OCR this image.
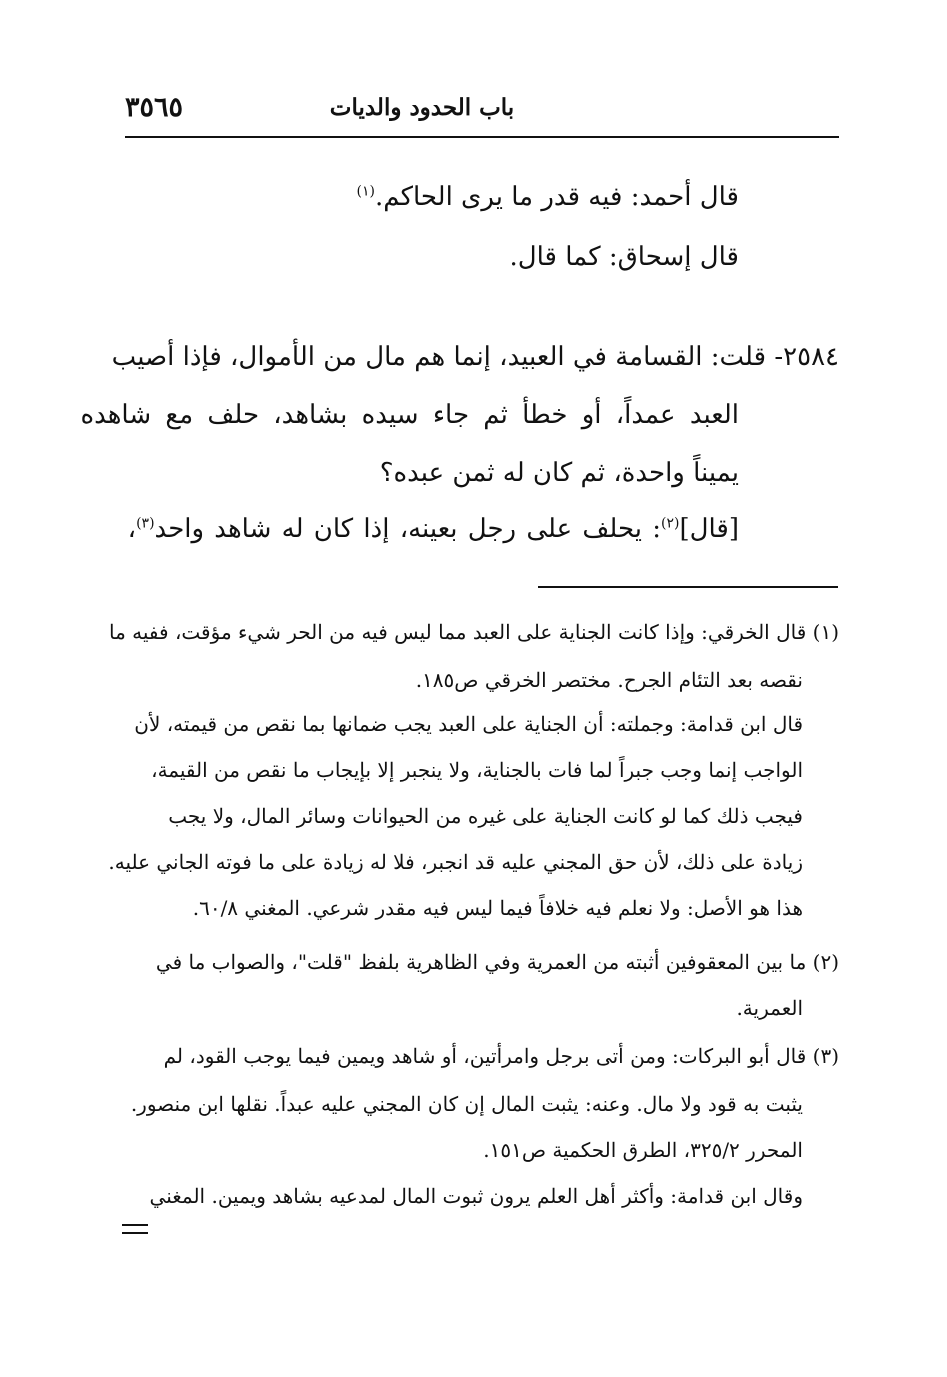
باب الحدود والديات
٣٥٦٥
قال أحمد: فيه قدر ما يرى الحاكم.$^{(١)}$
قال إسحاق: كما قال.
٢٥٨٤- قلت: القسامة في العبيد، إنما هم مال من الأموال، فإذا أصيب
العبد عمداً، أو خطأ ثم جاء سيده بشاهد، حلف مع شاهده
يميناً واحدة، ثم كان له ثمن عبده؟
[قال]$^{(٢)}$: يحلف على رجل بعينه، إذا كان له شاهد واحد$^{(٣)}$،
(١) قال الخرقي: وإذا كانت الجناية على العبد مما ليس فيه من الحر شيء مؤقت، ففيه ما
نقصه بعد التئام الجرح. مختصر الخرقي ص١٨٥.
قال ابن قدامة: وجملته: أن الجناية على العبد يجب ضمانها بما نقص من قيمته، لأن
الواجب إنما وجب جبراً لما فات بالجناية، ولا ينجبر إلا بإيجاب ما نقص من القيمة،
فيجب ذلك كما لو كانت الجناية على غيره من الحيوانات وسائر المال، ولا يجب
زيادة على ذلك، لأن حق المجني عليه قد انجبر، فلا له زيادة على ما فوته الجاني عليه.
هذا هو الأصل: ولا نعلم فيه خلافاً فيما ليس فيه مقدر شرعي. المغني ٦٠/٨.
(٢) ما بين المعقوفين أثبته من العمرية وفي الظاهرية بلفظ "قلت"، والصواب ما في
العمرية.
(٣) قال أبو البركات: ومن أتى برجل وامرأتين، أو شاهد ويمين فيما يوجب القود، لم
يثبت به قود ولا مال. وعنه: يثبت المال إن كان المجني عليه عبداً. نقلها ابن منصور.
المحرر ٣٢٥/٢، الطرق الحكمية ص١٥١.
وقال ابن قدامة: وأكثر أهل العلم يرون ثبوت المال لمدعيه بشاهد ويمين. المغني
